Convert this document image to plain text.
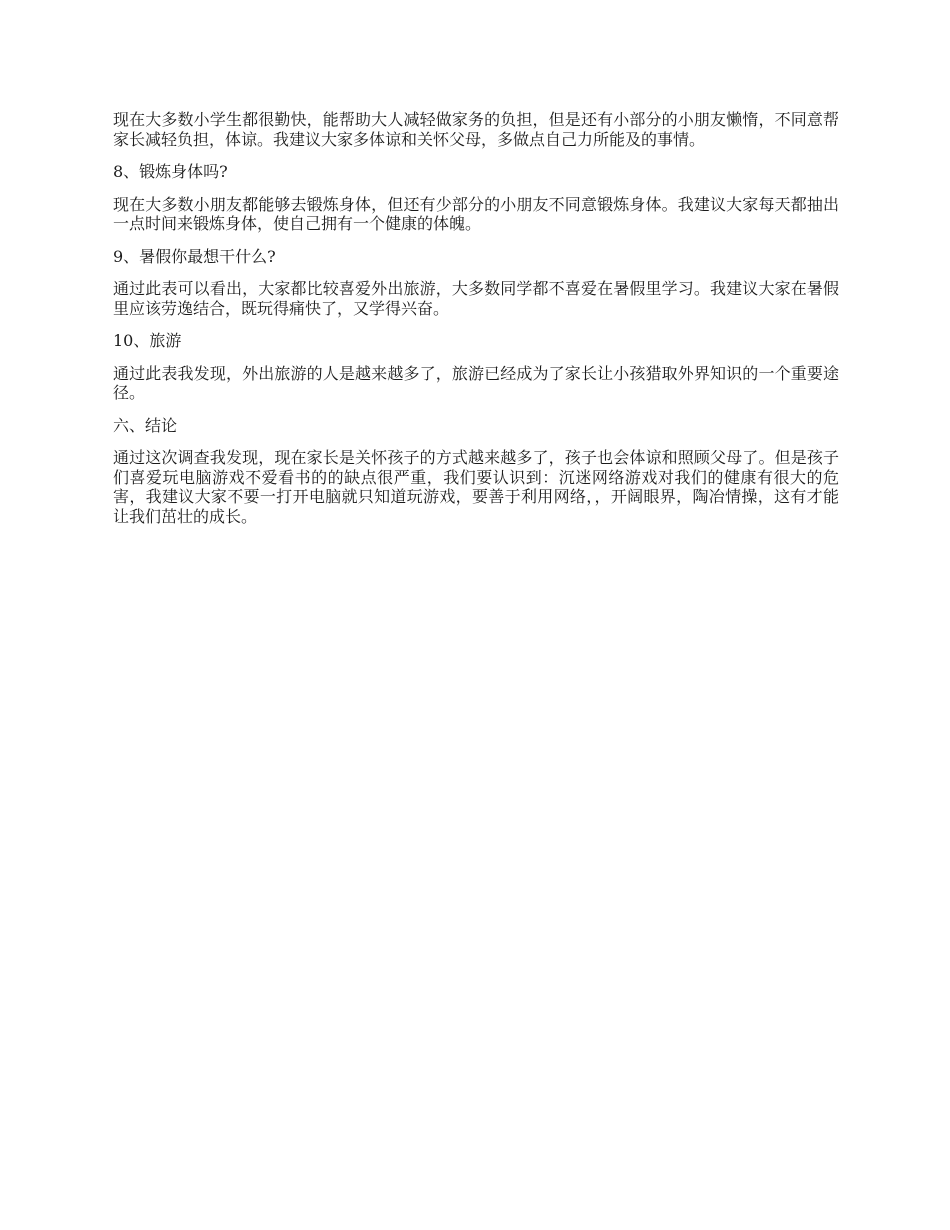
现在大多数小学生都很勤快，能帮助大人减轻做家务的负担，但是还有小部分的小朋友懒惰，不同意帮家长减轻负担，体谅。我建议大家多体谅和关怀父母，多做点自己力所能及的事情。

8、锻炼身体吗?

现在大多数小朋友都能够去锻炼身体，但还有少部分的小朋友不同意锻炼身体。我建议大家每天都抽出一点时间来锻炼身体，使自己拥有一个健康的体魄。

9、暑假你最想干什么?

通过此表可以看出，大家都比较喜爱外出旅游，大多数同学都不喜爱在暑假里学习。我建议大家在暑假里应该劳逸结合，既玩得痛快了，又学得兴奋。

10、旅游

通过此表我发现，外出旅游的人是越来越多了，旅游已经成为了家长让小孩猎取外界知识的一个重要途径。

六、结论

通过这次调查我发现，现在家长是关怀孩子的方式越来越多了，孩子也会体谅和照顾父母了。但是孩子们喜爱玩电脑游戏不爱看书的的缺点很严重，我们要认识到：沉迷网络游戏对我们的健康有很大的危害，我建议大家不要一打开电脑就只知道玩游戏，要善于利用网络，，开阔眼界，陶冶情操，这有才能让我们茁壮的成长。
